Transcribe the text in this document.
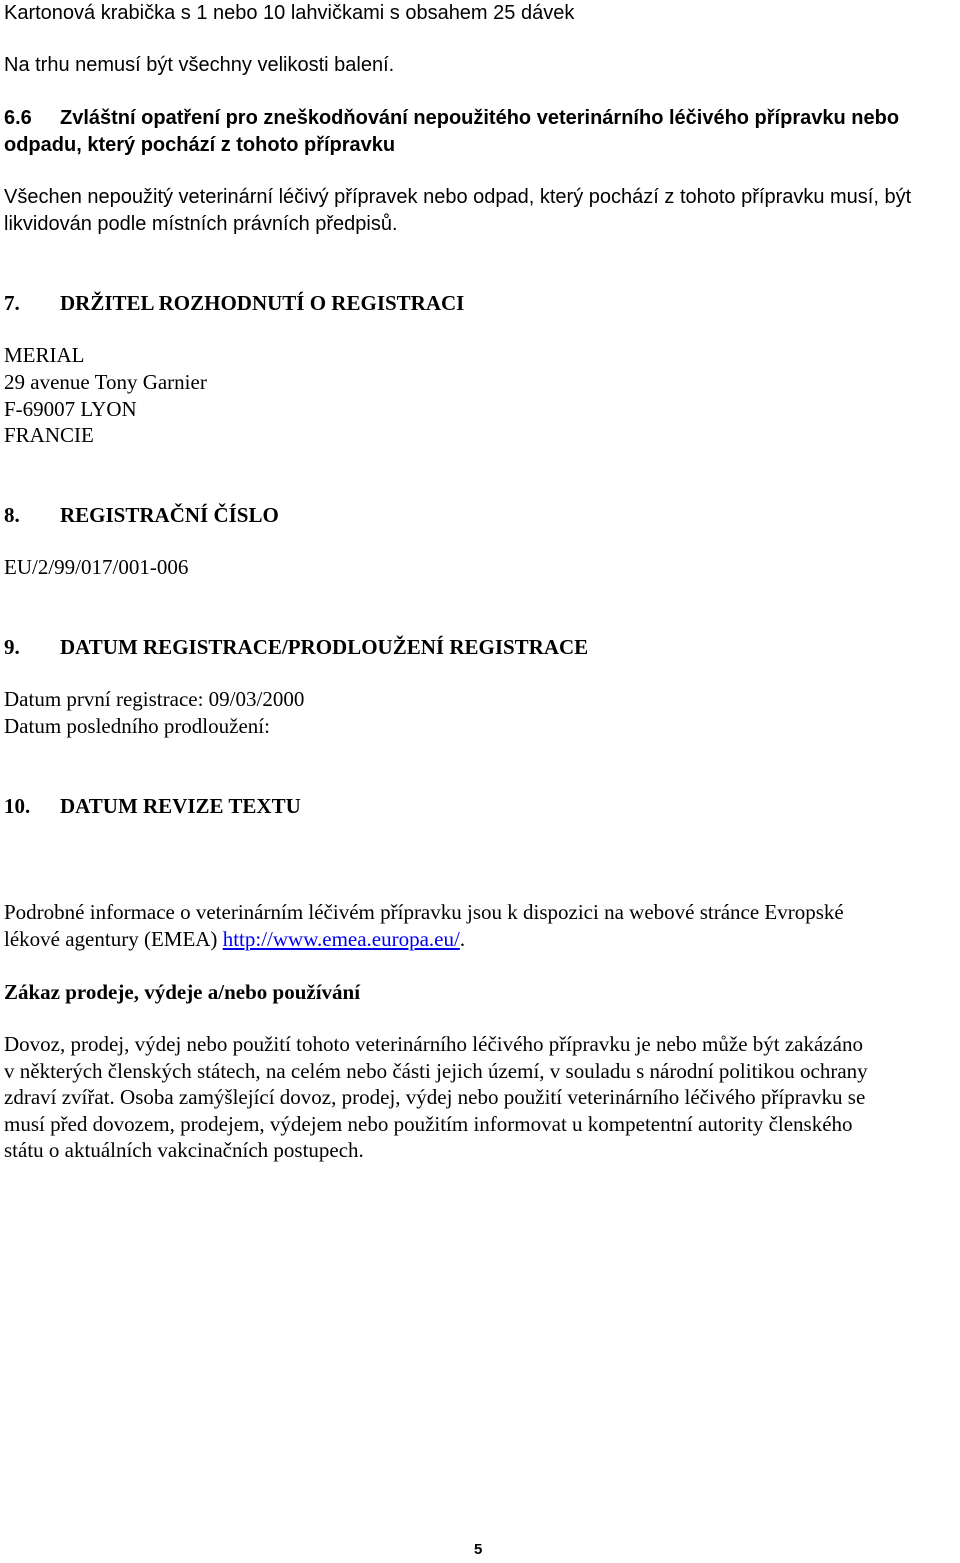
Kartonová krabička s 1 nebo 10 lahvičkami s obsahem 25 dávek
Na trhu nemusí být všechny velikosti balení.
6.6 Zvláštní opatření pro zneškodňování nepoužitého veterinárního léčivého přípravku nebo
odpadu, který pochází z tohoto přípravku
Všechen nepoužitý veterinární léčivý přípravek nebo odpad, který pochází z tohoto přípravku musí, být
likvidován podle místních právních předpisů.
7. DRŽITEL ROZHODNUTÍ O REGISTRACI
MERIAL
29 avenue Tony Garnier
F-69007 LYON
FRANCIE
8. REGISTRAČNÍ ČÍSLO
EU/2/99/017/001-006
9. DATUM REGISTRACE/PRODLOUŽENÍ REGISTRACE
Datum první registrace: 09/03/2000
Datum posledního prodloužení:
10. DATUM REVIZE TEXTU
Podrobné informace o veterinárním léčivém přípravku jsou k dispozici na webové stránce Evropské
lékové agentury (EMEA) http://www.emea.europa.eu/.
Zákaz prodeje, výdeje a/nebo používání
Dovoz, prodej, výdej nebo použití tohoto veterinárního léčivého přípravku je nebo může být zakázáno
v některých členských státech, na celém nebo části jejich území, v souladu s národní politikou ochrany
zdraví zvířat. Osoba zamýšlející dovoz, prodej, výdej nebo použití veterinárního léčivého přípravku se
musí před dovozem, prodejem, výdejem nebo použitím informovat u kompetentní autority členského
státu o aktuálních vakcinačních postupech.
5
